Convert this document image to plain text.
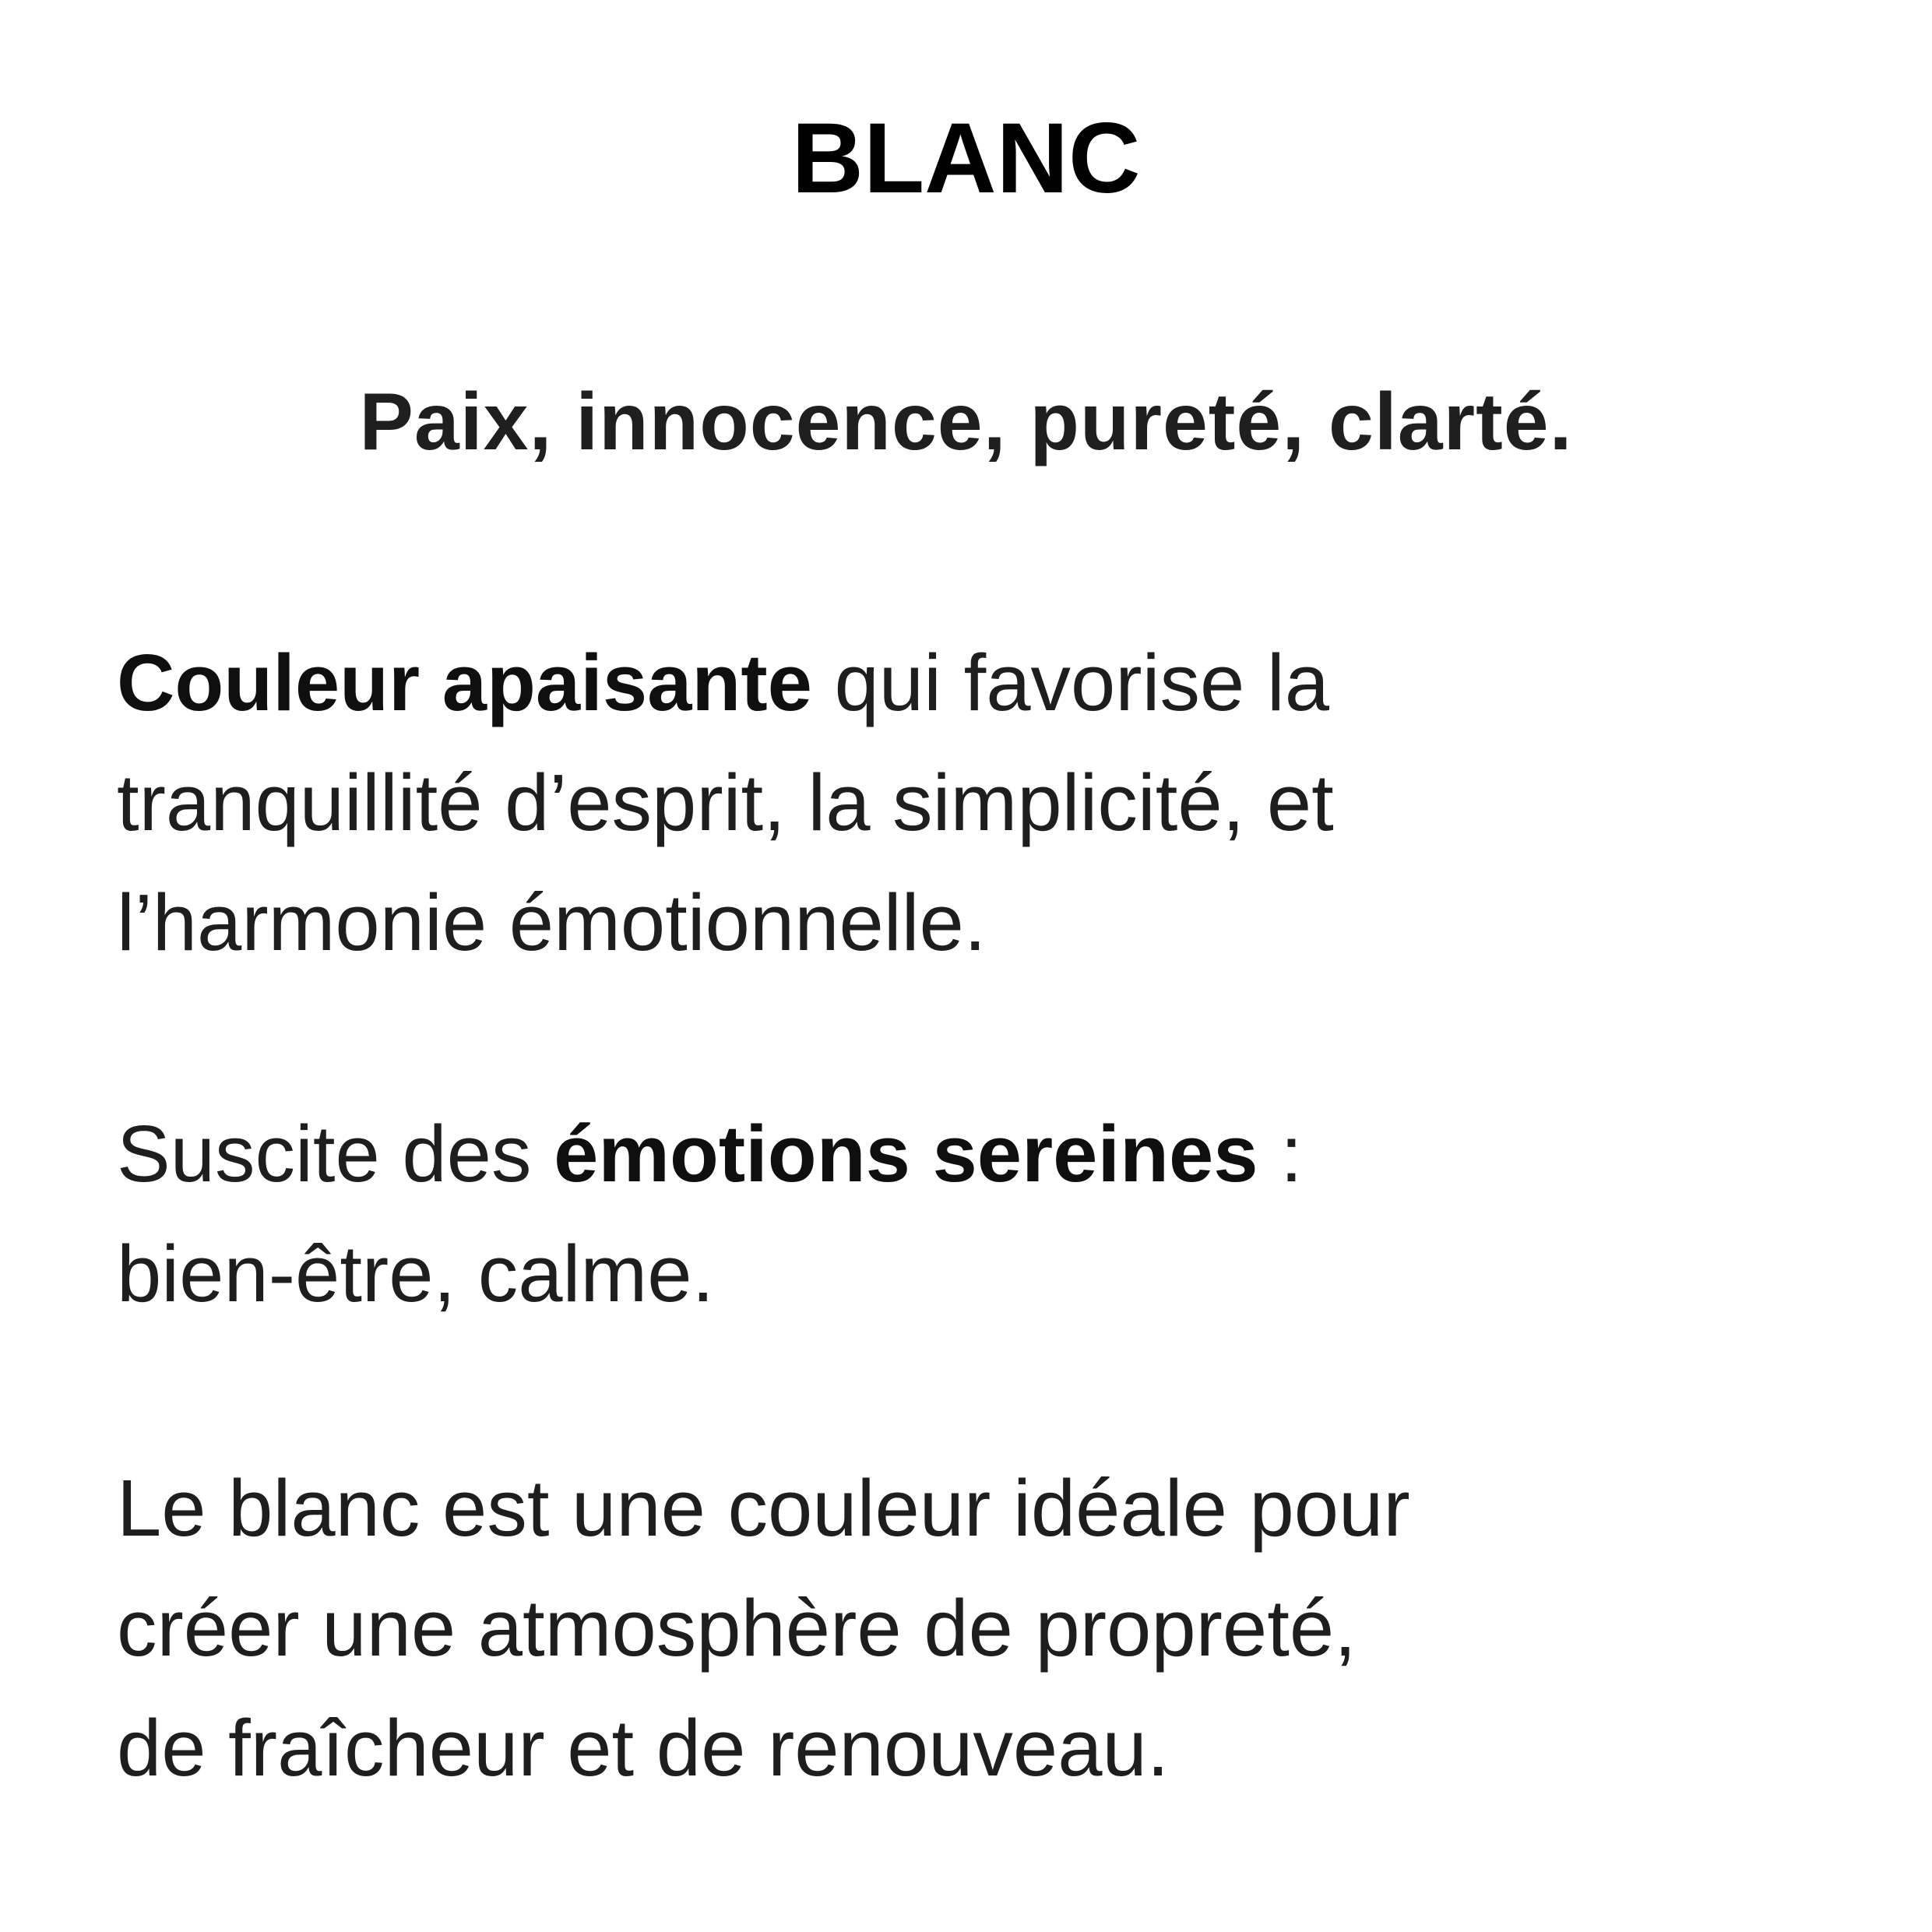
BLANC
Paix, innocence, pureté, clarté.

Couleur apaisante qui favorise la
tranquillité d’esprit, la simplicité, et
l’harmonie émotionnelle.

Suscite des émotions sereines :
bien-être, calme.

Le blanc est une couleur idéale pour
créer une atmosphère de propreté,
de fraîcheur et de renouveau.
